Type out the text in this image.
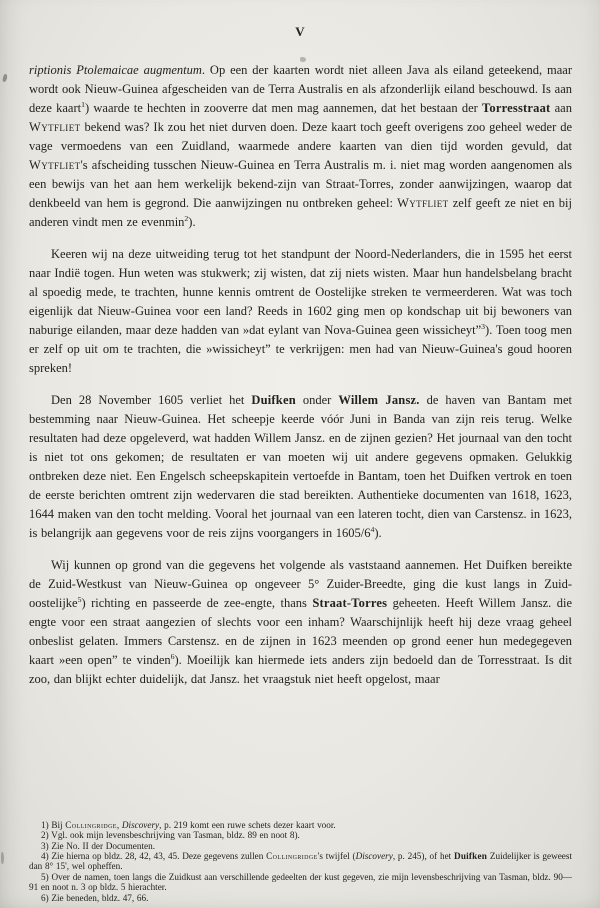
V

riptionis Ptolemaicae augmentum. Op een der kaarten wordt niet alleen Java als eiland geteekend, maar wordt ook Nieuw-Guinea afgescheiden van de Terra Australis en als afzonderlijk eiland beschouwd. Is aan deze kaart$^1$) waarde te hechten in zooverre dat men mag aannemen, dat het bestaan der Torresstraat aan Wytfliet bekend was? Ik zou het niet durven doen. Deze kaart toch geeft overigens zoo geheel weder de vage vermoedens van een Zuidland, waarmede andere kaarten van dien tijd worden gevuld, dat Wytfliet's afscheiding tusschen Nieuw-Guinea en Terra Australis m. i. niet mag worden aangenomen als een bewijs van het aan hem werkelijk bekend-zijn van Straat-Torres, zonder aanwijzingen, waarop dat denkbeeld van hem is gegrond. Die aanwijzingen nu ontbreken geheel: Wytfliet zelf geeft ze niet en bij anderen vindt men ze evenmin$^2$).

Keeren wij na deze uitweiding terug tot het standpunt der Noord-Nederlanders, die in 1595 het eerst naar Indië togen. Hun weten was stukwerk; zij wisten, dat zij niets wisten. Maar hun handelsbelang bracht al spoedig mede, te trachten, hunne kennis omtrent de Oostelijke streken te vermeerderen. Wat was toch eigenlijk dat Nieuw-Guinea voor een land? Reeds in 1602 ging men op kondschap uit bij bewoners van naburige eilanden, maar deze hadden van »dat eylant van Nova-Guinea geen wissicheyt”$^3$). Toen toog men er zelf op uit om te trachten, die »wissicheyt” te verkrijgen: men had van Nieuw-Guinea's goud hooren spreken!

Den 28 November 1605 verliet het Duifken onder Willem Jansz. de haven van Bantam met bestemming naar Nieuw-Guinea. Het scheepje keerde vóór Juni in Banda van zijn reis terug. Welke resultaten had deze opgeleverd, wat hadden Willem Jansz. en de zijnen gezien? Het journaal van den tocht is niet tot ons gekomen; de resultaten er van moeten wij uit andere gegevens opmaken. Gelukkig ontbreken deze niet. Een Engelsch scheepskapitein vertoefde in Bantam, toen het Duifken vertrok en toen de eerste berichten omtrent zijn wedervaren die stad bereikten. Authentieke documenten van 1618, 1623, 1644 maken van den tocht melding. Vooral het journaal van een lateren tocht, dien van Carstensz. in 1623, is belangrijk aan gegevens voor de reis zijns voorgangers in $1605/6^4$).

Wij kunnen op grond van die gegevens het volgende als vaststaand aannemen. Het Duifken bereikte de Zuid-Westkust van Nieuw-Guinea op ongeveer 5° Zuider-Breedte, ging die kust langs in Zuid-oostelijke$^5$) richting en passeerde de zee-engte, thans Straat-Torres geheeten. Heeft Willem Jansz. die engte voor een straat aangezien of slechts voor een inham? Waarschijnlijk heeft hij deze vraag geheel onbeslist gelaten. Immers Carstensz. en de zijnen in 1623 meenden op grond eener hun medegegeven kaart »een open” te vinden$^6$). Moeilijk kan hiermede iets anders zijn bedoeld dan de Torresstraat. Is dit zoo, dan blijkt echter duidelijk, dat Jansz. het vraagstuk niet heeft opgelost, maar

1) Bij Collingridge, Discovery, p. 219 komt een ruwe schets dezer kaart voor.

2) Vgl. ook mijn levensbeschrijving van Tasman, bldz. 89 en noot 8).

3) Zie No. II der Documenten.

4) Zie hierna op bldz. 28, 42, 43, 45. Deze gegevens zullen Collingridge's twijfel (Discovery, p. 245), of het Duifken Zuidelijker is geweest dan 8° 15', wel opheffen.

5) Over de namen, toen langs die Zuidkust aan verschillende gedeelten der kust gegeven, zie mijn levensbeschrijving van Tasman, bldz. 90—91 en noot n. 3 op bldz. 5 hierachter.

6) Zie beneden, bldz. 47, 66.
